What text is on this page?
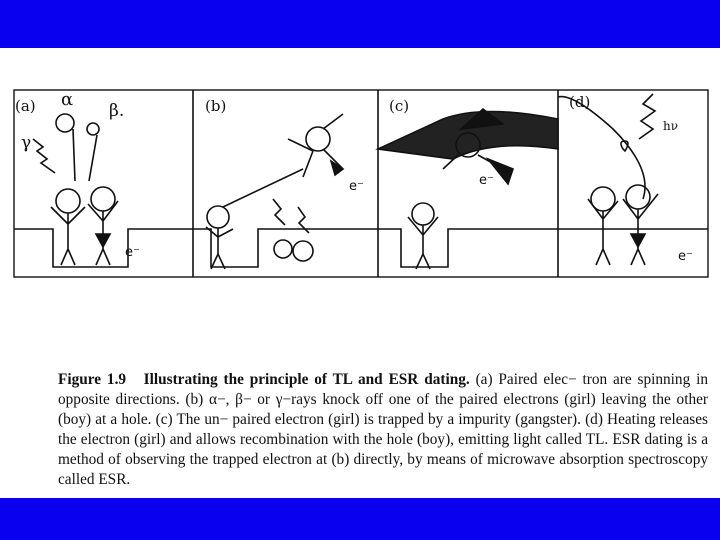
(a)	(b)	(c)	(d)
α
β.
γ
hν
e⁻
e⁻	e⁻
e⁻

Figure 1.9 Illustrating the principle of TL and ESR dating. (a) Paired elec− tron are spinning in opposite directions. (b) α−, β− or γ−rays knock off one of the paired electrons (girl) leaving the other (boy) at a hole. (c) The un− paired electron (girl) is trapped by a impurity (gangster). (d) Heating releases the electron (girl) and allows recombination with the hole (boy), emitting light called TL. ESR dating is a method of observing the trapped electron at (b) directly, by means of microwave absorption spectroscopy called ESR.
